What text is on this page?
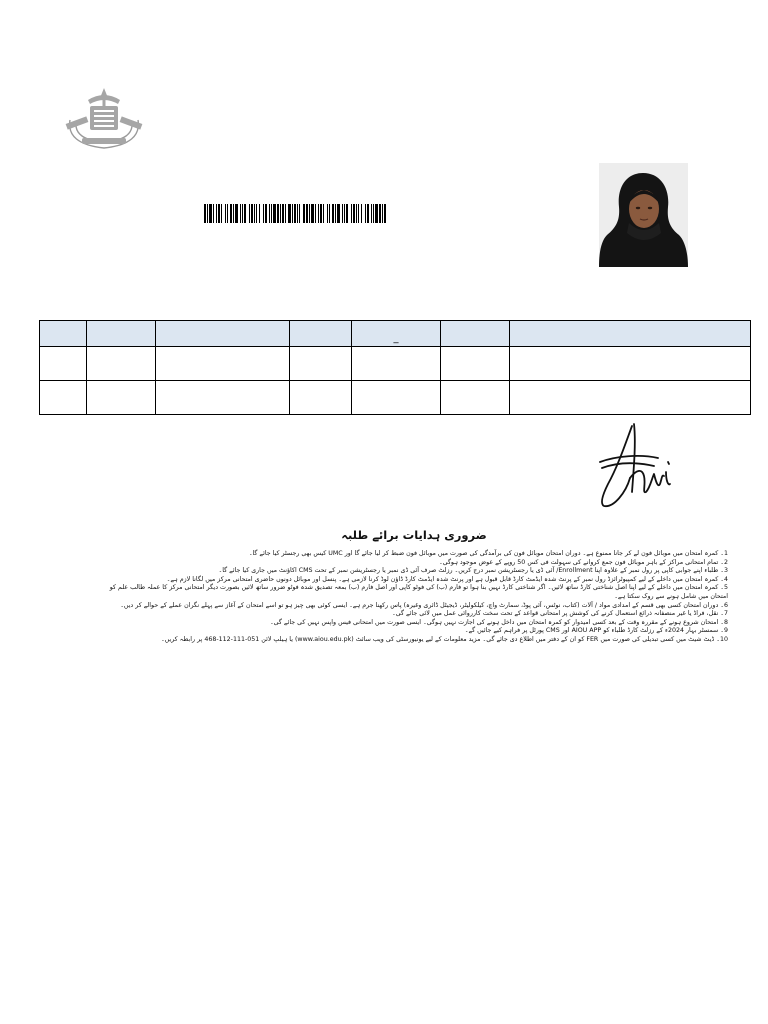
				_		

ضروری ہدایات برائے طلبہ

1۔ کمرہ امتحان میں موبائل فون لے کر جانا ممنوع ہے۔ دوران امتحان موبائل فون کی برآمدگی کی صورت میں موبائل فون ضبط کر لیا جائے گا اور UMC کیس بھی رجسٹر کیا جائے گا۔

2۔ تمام امتحانی مراکز کے باہر موبائل فون جمع کروانے کی سہولت فی کس 50 روپے کے عوض موجود ہوگی۔

3۔ طلباء اپنے جوابی کاپی پر رول نمبر کے علاوہ اپنا Enrollment/ آئی ڈی یا رجسٹریشن نمبر درج کریں۔ رزلٹ صرف آئی ڈی نمبر یا رجسٹریشن نمبر کے تحت CMS اکاؤنٹ میں جاری کیا جائے گا۔

4۔ کمرہ امتحان میں داخلے کے لیے کمپیوٹرائزڈ رول نمبر کے پرنٹ شدہ ایڈمٹ کارڈ قابل قبول ہے اور پرنٹ شدہ ایڈمٹ کارڈ ڈاؤن لوڈ کرنا لازمی ہے۔ پنسل اور موبائل دونوں حاضری امتحانی مرکز میں لگانا لازم ہے۔

5۔ کمرہ امتحان میں داخلے کے لیے اپنا اصل شناختی کارڈ ساتھ لائیں۔ اگر شناختی کارڈ نہیں بنا ہوا تو فارم (ب) کی فوٹو کاپی اور اصل فارم (ب) بمعہ تصدیق شدہ فوٹو ضرور ساتھ لائیں بصورت دیگر امتحانی مرکز کا عملہ طالب علم کو امتحان میں شامل ہونے سے روک سکتا ہے۔

6۔ دوران امتحان کسی بھی قسم کے امدادی مواد / آلات (کتاب، نوٹس، آئی پوڈ، سمارٹ واچ، کیلکولیٹر، ڈیجیٹل ڈائری وغیرہ) پاس رکھنا جرم ہے۔ ایسی کوئی بھی چیز ہو تو اسے امتحان کے آغاز سے پہلے نگران عملے کے حوالے کر دیں۔

7۔ نقل، فراڈ یا غیر منصفانہ ذرائع استعمال کرنے کی کوشش پر امتحانی قواعد کے تحت سخت کارروائی عمل میں لائی جائے گی۔

8۔ امتحان شروع ہونے کے مقررہ وقت کے بعد کسی امیدوار کو کمرہ امتحان میں داخل ہونے کی اجازت نہیں ہوگی۔ ایسی صورت میں امتحانی فیس واپس نہیں کی جائے گی۔

9۔ سمسٹر بہار 2024ء کے رزلٹ کارڈ طلباء کو AIOU APP اور CMS پورٹل پر فراہم کیے جائیں گے۔

10۔ ڈیٹ شیٹ میں کسی تبدیلی کی صورت میں FER کو ان کے دفتر میں اطلاع دی جائے گی۔ مزید معلومات کے لیے یونیورسٹی کی ویب سائٹ (www.aiou.edu.pk) یا ہیلپ لائن 051-111-112-468 پر رابطہ کریں۔
